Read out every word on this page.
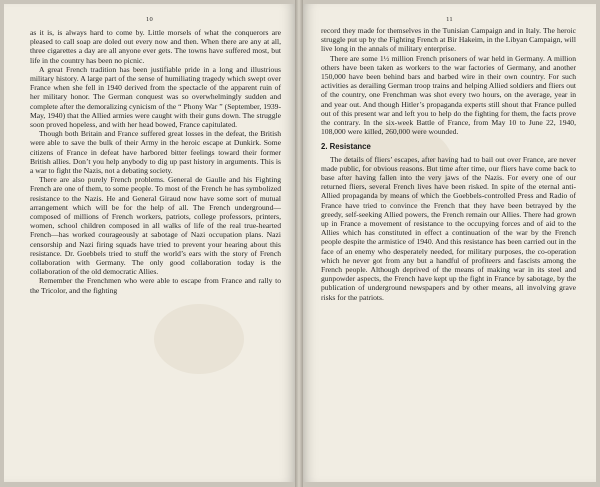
10

as it is, is always hard to come by. Little morsels of what the conquerors are pleased to call soap are doled out every now and then. When there are any at all, three cigarettes a day are all anyone ever gets. The towns have suffered most, but life in the country has been no picnic.

A great French tradition has been justifiable pride in a long and illustrious military history. A large part of the sense of humiliating tragedy which swept over France when she fell in 1940 derived from the spectacle of the apparent ruin of her military honor. The German conquest was so overwhelmingly sudden and complete after the demoralizing cynicism of the “ Phony War ” (September, 1939-May, 1940) that the Allied armies were caught with their guns down. The struggle soon proved hopeless, and with her head bowed, France capitulated.

Though both Britain and France suffered great losses in the defeat, the British were able to save the bulk of their Army in the heroic escape at Dunkirk. Some citizens of France in defeat have harbored bitter feelings toward their former British allies. Don’t you help anybody to dig up past history in arguments. This is a war to fight the Nazis, not a debating society.

There are also purely French problems. General de Gaulle and his Fighting French are one of them, to some people. To most of the French he has symbolized resistance to the Nazis. He and General Giraud now have some sort of mutual arrangement which will be for the help of all. The French underground—composed of millions of French workers, patriots, college professors, printers, women, school children composed in all walks of life of the real true-hearted French—has worked courageously at sabotage of Nazi occupation plans. Nazi censorship and Nazi firing squads have tried to prevent your hearing about this resistance. Dr. Goebbels tried to stuff the world’s ears with the story of French collaboration with Germany. The only good collaboration today is the collaboration of the old democratic Allies.

Remember the Frenchmen who were able to escape from France and rally to the Tricolor, and the fighting

11

record they made for themselves in the Tunisian Campaign and in Italy. The heroic struggle put up by the Fighting French at Bir Hakeim, in the Libyan Campaign, will live long in the annals of military enterprise.

There are some 1½ million French prisoners of war held in Germany. A million others have been taken as workers to the war factories of Germany, and another 150,000 have been behind bars and barbed wire in their own country. For such activities as derailing German troop trains and helping Allied soldiers and fliers out of the country, one Frenchman was shot every two hours, on the average, year in and year out. And though Hitler’s propaganda experts still shout that France pulled out of this present war and left you to help do the fighting for them, the facts prove the contrary. In the six-week Battle of France, from May 10 to June 22, 1940, 108,000 were killed, 260,000 were wounded.

2. Resistance

The details of fliers’ escapes, after having had to bail out over France, are never made public, for obvious reasons. But time after time, our fliers have come back to base after having fallen into the very jaws of the Nazis. For every one of our returned fliers, several French lives have been risked. In spite of the eternal anti-Allied propaganda by means of which the Goebbels-controlled Press and Radio of France have tried to convince the French that they have been betrayed by the greedy, self-seeking Allied powers, the French remain our Allies. There had grown up in France a movement of resistance to the occupying forces and of aid to the Allies which has constituted in effect a continuation of the war by the French people despite the armistice of 1940. And this resistance has been carried out in the face of an enemy who desperately needed, for military purposes, the co-operation which he never got from any but a handful of profiteers and fascists among the French people. Although deprived of the means of making war in its steel and gunpowder aspects, the French have kept up the fight in France by sabotage, by the publication of underground newspapers and by other means, all involving grave risks for the patriots.
